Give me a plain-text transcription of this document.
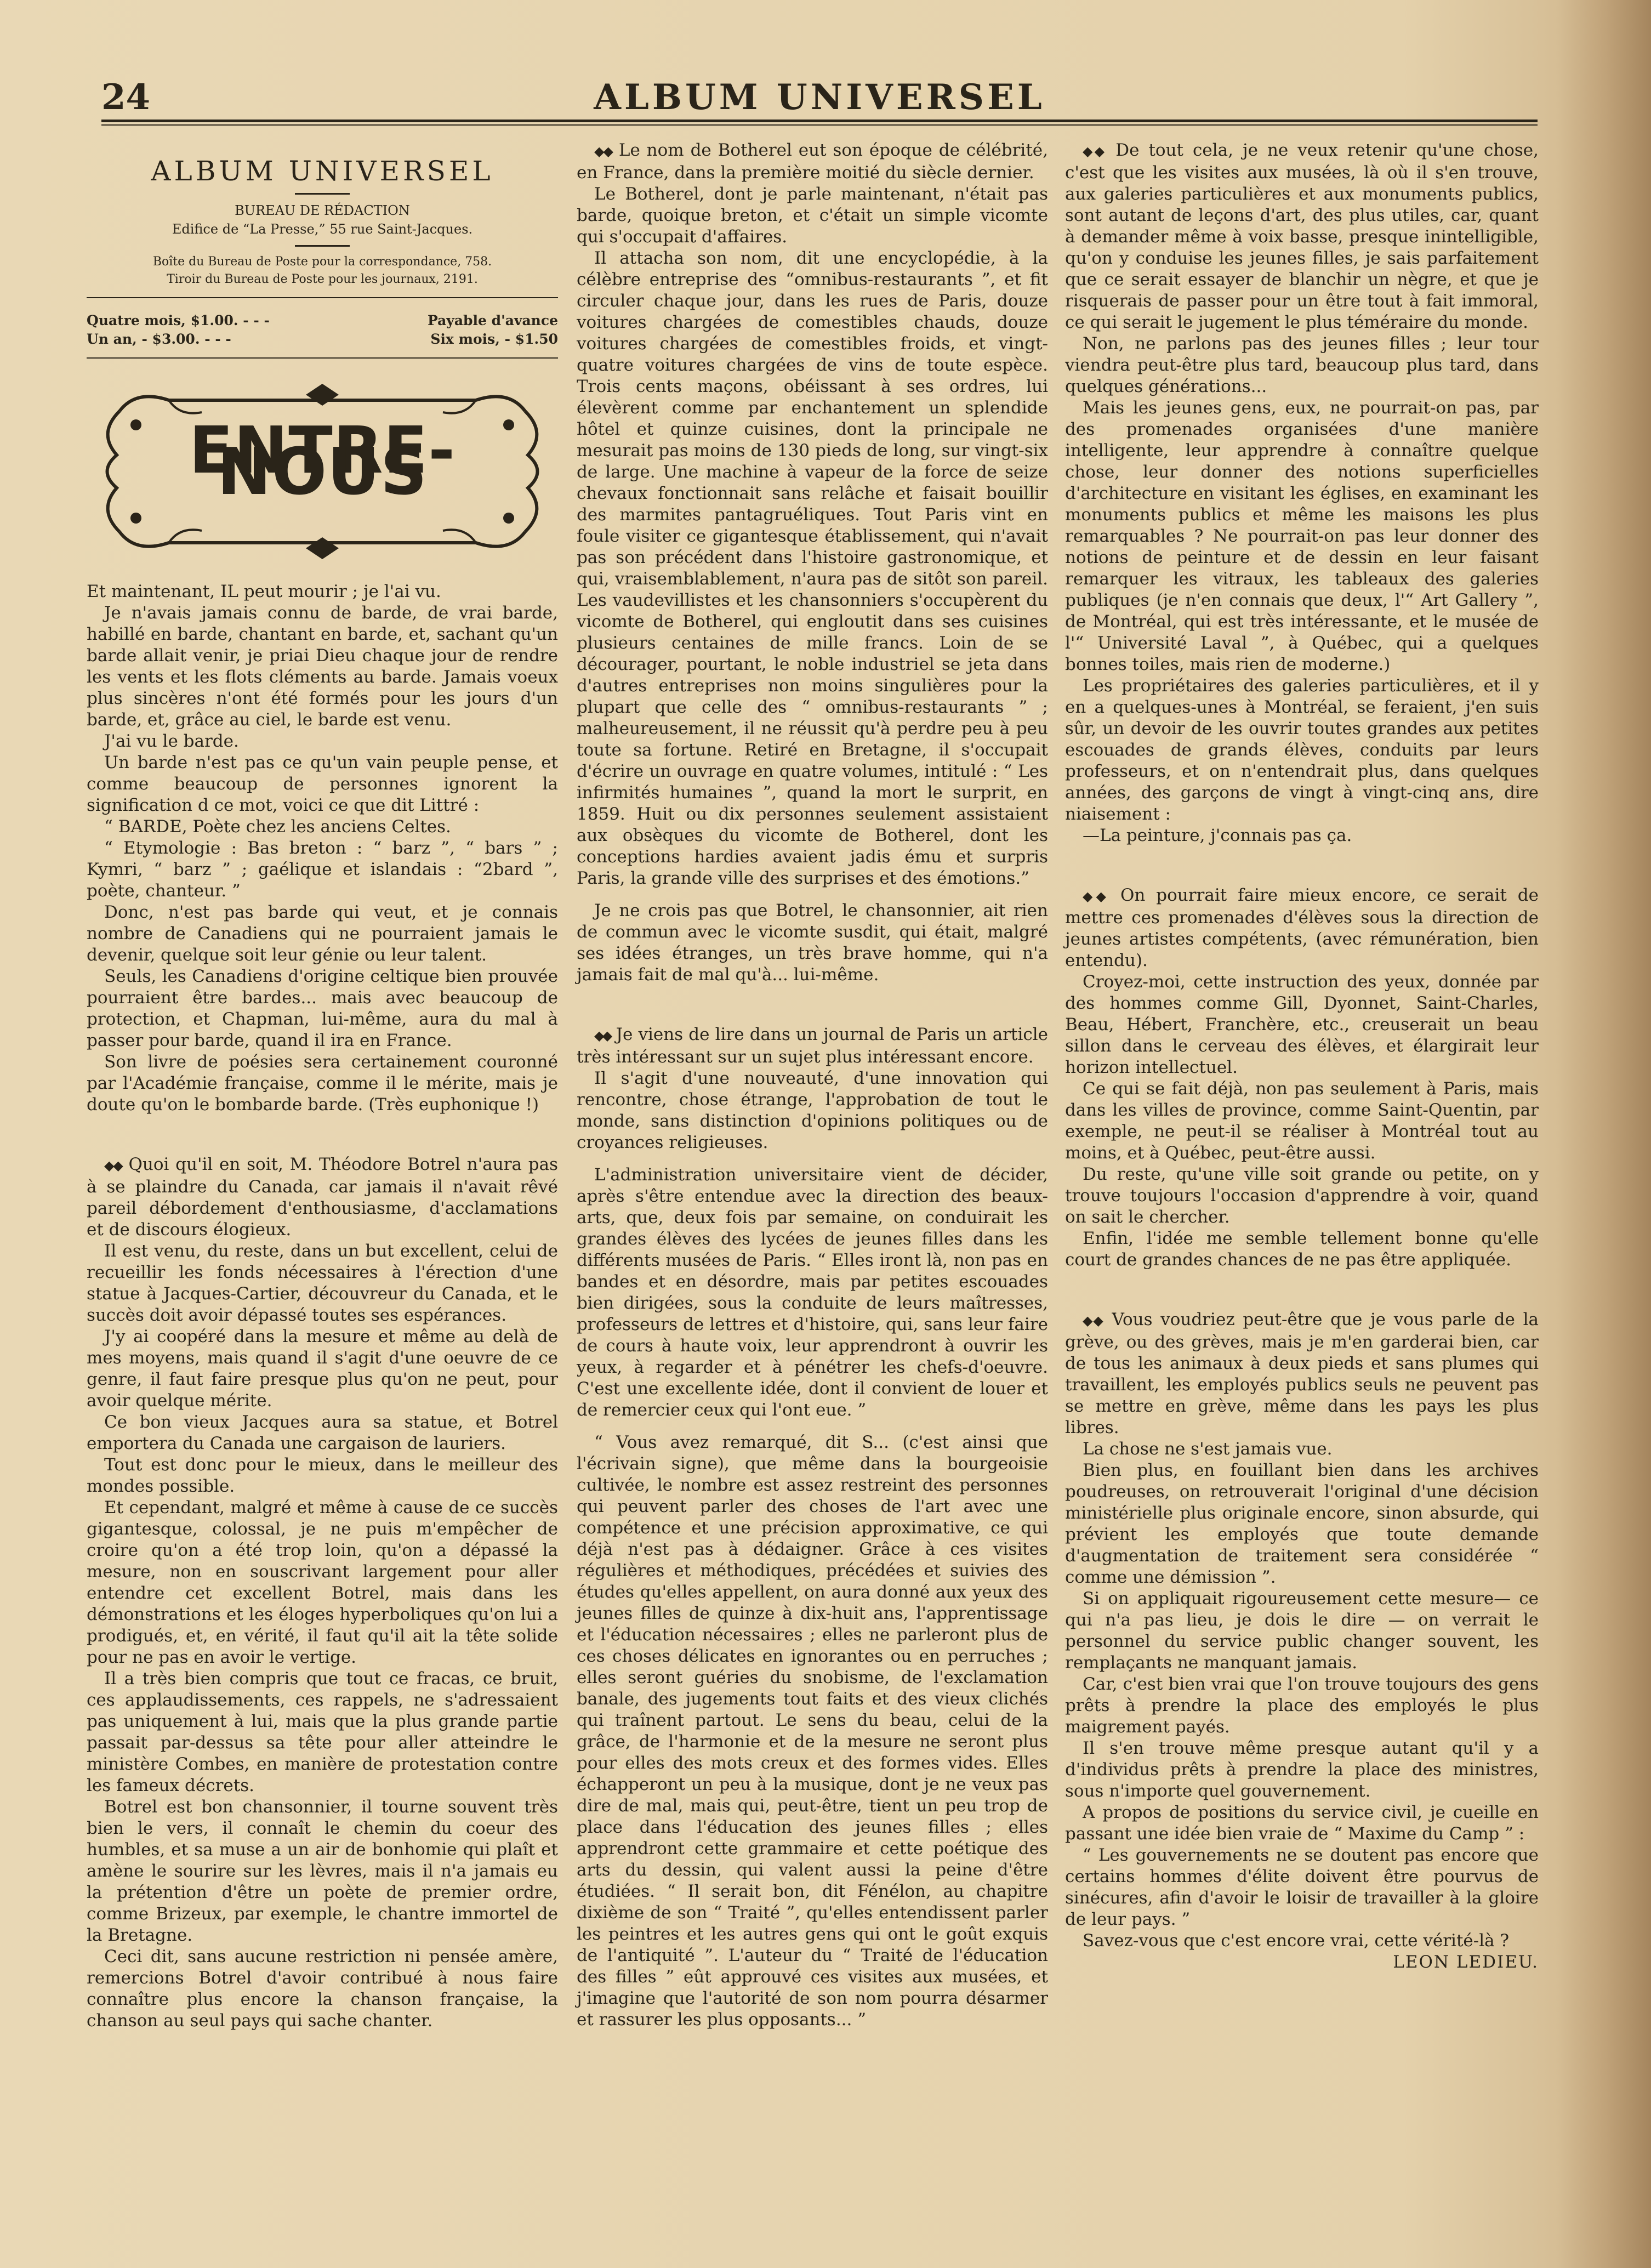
24	ALBUM UNIVERSEL
ALBUM UNIVERSEL
BUREAU DE RÉDACTION
Edifice de “La Presse,” 55 rue Saint-Jacques.
Boîte du Bureau de Poste pour la correspondance, 758.
Tiroir du Bureau de Poste pour les journaux, 2191.
Quatre mois, $1.00. - - -	Payable d'avance
Un an, - $3.00. - - -	Six mois, - $1.50
ENTRE-NOUS

Et maintenant, IL peut mourir ; je l'ai vu.

Je n'avais jamais connu de barde, de vrai barde, habillé en barde, chantant en barde, et, sachant qu'un barde allait venir, je priai Dieu chaque jour de rendre les vents et les flots cléments au barde. Jamais voeux plus sincères n'ont été formés pour les jours d'un barde, et, grâce au ciel, le barde est venu.

J'ai vu le barde.

Un barde n'est pas ce qu'un vain peuple pense, et comme beaucoup de personnes ignorent la signification d ce mot, voici ce que dit Littré :

“ BARDE, Poète chez les anciens Celtes.

“ Etymologie : Bas breton : “ barz ”, “ bars ” ; Kymri, “ barz ” ; gaélique et islandais : “2bard ”, poète, chanteur. ”

Donc, n'est pas barde qui veut, et je connais nombre de Canadiens qui ne pourraient jamais le devenir, quelque soit leur génie ou leur talent.

Seuls, les Canadiens d'origine celtique bien prouvée pourraient être bardes... mais avec beaucoup de protection, et Chapman, lui-même, aura du mal à passer pour barde, quand il ira en France.

Son livre de poésies sera certainement couronné par l'Académie française, comme il le mérite, mais je doute qu'on le bombarde barde. (Très euphonique !)

◆◆ Quoi qu'il en soit, M. Théodore Botrel n'aura pas à se plaindre du Canada, car jamais il n'avait rêvé pareil débordement d'enthousiasme, d'acclamations et de discours élogieux.

Il est venu, du reste, dans un but excellent, celui de recueillir les fonds nécessaires à l'érection d'une statue à Jacques-Cartier, découvreur du Canada, et le succès doit avoir dépassé toutes ses espérances.

J'y ai coopéré dans la mesure et même au delà de mes moyens, mais quand il s'agit d'une oeuvre de ce genre, il faut faire presque plus qu'on ne peut, pour avoir quelque mérite.

Ce bon vieux Jacques aura sa statue, et Botrel emportera du Canada une cargaison de lauriers.

Tout est donc pour le mieux, dans le meilleur des mondes possible.

Et cependant, malgré et même à cause de ce succès gigantesque, colossal, je ne puis m'empêcher de croire qu'on a été trop loin, qu'on a dépassé la mesure, non en souscrivant largement pour aller entendre cet excellent Botrel, mais dans les démonstrations et les éloges hyperboliques qu'on lui a prodigués, et, en vérité, il faut qu'il ait la tête solide pour ne pas en avoir le vertige.

Il a très bien compris que tout ce fracas, ce bruit, ces applaudissements, ces rappels, ne s'adressaient pas uniquement à lui, mais que la plus grande partie passait par-dessus sa tête pour aller atteindre le ministère Combes, en manière de protestation contre les fameux décrets.

Botrel est bon chansonnier, il tourne souvent très bien le vers, il connaît le chemin du coeur des humbles, et sa muse a un air de bonhomie qui plaît et amène le sourire sur les lèvres, mais il n'a jamais eu la prétention d'être un poète de premier ordre, comme Brizeux, par exemple, le chantre immortel de la Bretagne.

Ceci dit, sans aucune restriction ni pensée amère, remercions Botrel d'avoir contribué à nous faire connaître plus encore la chanson française, la chanson au seul pays qui sache chanter.

◆◆ Le nom de Botherel eut son époque de célébrité, en France, dans la première moitié du siècle dernier.

Le Botherel, dont je parle maintenant, n'était pas barde, quoique breton, et c'était un simple vicomte qui s'occupait d'affaires.

Il attacha son nom, dit une encyclopédie, à la célèbre entreprise des “omnibus-restaurants ”, et fit circuler chaque jour, dans les rues de Paris, douze voitures chargées de comestibles chauds, douze voitures chargées de comestibles froids, et vingt-quatre voitures chargées de vins de toute espèce. Trois cents maçons, obéissant à ses ordres, lui élevèrent comme par enchantement un splendide hôtel et quinze cuisines, dont la principale ne mesurait pas moins de 130 pieds de long, sur vingt-six de large. Une machine à vapeur de la force de seize chevaux fonctionnait sans relâche et faisait bouillir des marmites pantagruéliques. Tout Paris vint en foule visiter ce gigantesque établissement, qui n'avait pas son précédent dans l'histoire gastronomique, et qui, vraisemblablement, n'aura pas de sitôt son pareil. Les vaudevillistes et les chansonniers s'occupèrent du vicomte de Botherel, qui engloutit dans ses cuisines plusieurs centaines de mille francs. Loin de se décourager, pourtant, le noble industriel se jeta dans d'autres entreprises non moins singulières pour la plupart que celle des “ omnibus-restaurants ” ; malheureusement, il ne réussit qu'à perdre peu à peu toute sa fortune. Retiré en Bretagne, il s'occupait d'écrire un ouvrage en quatre volumes, intitulé : “ Les infirmités humaines ”, quand la mort le surprit, en 1859. Huit ou dix personnes seulement assistaient aux obsèques du vicomte de Botherel, dont les conceptions hardies avaient jadis ému et surpris Paris, la grande ville des surprises et des émotions.”

Je ne crois pas que Botrel, le chansonnier, ait rien de commun avec le vicomte susdit, qui était, malgré ses idées étranges, un très brave homme, qui n'a jamais fait de mal qu'à... lui-même.

◆◆ Je viens de lire dans un journal de Paris un article très intéressant sur un sujet plus intéressant encore.

Il s'agit d'une nouveauté, d'une innovation qui rencontre, chose étrange, l'approbation de tout le monde, sans distinction d'opinions politiques ou de croyances religieuses.

L'administration universitaire vient de décider, après s'être entendue avec la direction des beaux-arts, que, deux fois par semaine, on conduirait les grandes élèves des lycées de jeunes filles dans les différents musées de Paris. “ Elles iront là, non pas en bandes et en désordre, mais par petites escouades bien dirigées, sous la conduite de leurs maîtresses, professeurs de lettres et d'histoire, qui, sans leur faire de cours à haute voix, leur apprendront à ouvrir les yeux, à regarder et à pénétrer les chefs-d'oeuvre. C'est une excellente idée, dont il convient de louer et de remercier ceux qui l'ont eue. ”

“ Vous avez remarqué, dit S... (c'est ainsi que l'écrivain signe), que même dans la bourgeoisie cultivée, le nombre est assez restreint des personnes qui peuvent parler des choses de l'art avec une compétence et une précision approximative, ce qui déjà n'est pas à dédaigner. Grâce à ces visites régulières et méthodiques, précédées et suivies des études qu'elles appellent, on aura donné aux yeux des jeunes filles de quinze à dix-huit ans, l'apprentissage et l'éducation nécessaires ; elles ne parleront plus de ces choses délicates en ignorantes ou en perruches ; elles seront guéries du snobisme, de l'exclamation banale, des jugements tout faits et des vieux clichés qui traînent partout. Le sens du beau, celui de la grâce, de l'harmonie et de la mesure ne seront plus pour elles des mots creux et des formes vides. Elles échapperont un peu à la musique, dont je ne veux pas dire de mal, mais qui, peut-être, tient un peu trop de place dans l'éducation des jeunes filles ; elles apprendront cette grammaire et cette poétique des arts du dessin, qui valent aussi la peine d'être étudiées. “ Il serait bon, dit Fénélon, au chapitre dixième de son “ Traité ”, qu'elles entendissent parler les peintres et les autres gens qui ont le goût exquis de l'antiquité ”. L'auteur du “ Traité de l'éducation des filles ” eût approuvé ces visites aux musées, et j'imagine que l'autorité de son nom pourra désarmer et rassurer les plus opposants... ”

◆◆ De tout cela, je ne veux retenir qu'une chose, c'est que les visites aux musées, là où il s'en trouve, aux galeries particulières et aux monuments publics, sont autant de leçons d'art, des plus utiles, car, quant à demander même à voix basse, presque inintelligible, qu'on y conduise les jeunes filles, je sais parfaitement que ce serait essayer de blanchir un nègre, et que je risquerais de passer pour un être tout à fait immoral, ce qui serait le jugement le plus téméraire du monde.

Non, ne parlons pas des jeunes filles ; leur tour viendra peut-être plus tard, beaucoup plus tard, dans quelques générations...

Mais les jeunes gens, eux, ne pourrait-on pas, par des promenades organisées d'une manière intelligente, leur apprendre à connaître quelque chose, leur donner des notions superficielles d'architecture en visitant les églises, en examinant les monuments publics et même les maisons les plus remarquables ? Ne pourrait-on pas leur donner des notions de peinture et de dessin en leur faisant remarquer les vitraux, les tableaux des galeries publiques (je n'en connais que deux, l'“ Art Gallery ”, de Montréal, qui est très intéressante, et le musée de l'“ Université Laval ”, à Québec, qui a quelques bonnes toiles, mais rien de moderne.)

Les propriétaires des galeries particulières, et il y en a quelques-unes à Montréal, se feraient, j'en suis sûr, un devoir de les ouvrir toutes grandes aux petites escouades de grands élèves, conduits par leurs professeurs, et on n'entendrait plus, dans quelques années, des garçons de vingt à vingt-cinq ans, dire niaisement :

—La peinture, j'connais pas ça.

◆◆ On pourrait faire mieux encore, ce serait de mettre ces promenades d'élèves sous la direction de jeunes artistes compétents, (avec rémunération, bien entendu).

Croyez-moi, cette instruction des yeux, donnée par des hommes comme Gill, Dyonnet, Saint-Charles, Beau, Hébert, Franchère, etc., creuserait un beau sillon dans le cerveau des élèves, et élargirait leur horizon intellectuel.

Ce qui se fait déjà, non pas seulement à Paris, mais dans les villes de province, comme Saint-Quentin, par exemple, ne peut-il se réaliser à Montréal tout au moins, et à Québec, peut-être aussi.

Du reste, qu'une ville soit grande ou petite, on y trouve toujours l'occasion d'apprendre à voir, quand on sait le chercher.

Enfin, l'idée me semble tellement bonne qu'elle court de grandes chances de ne pas être appliquée.

◆◆ Vous voudriez peut-être que je vous parle de la grève, ou des grèves, mais je m'en garderai bien, car de tous les animaux à deux pieds et sans plumes qui travaillent, les employés publics seuls ne peuvent pas se mettre en grève, même dans les pays les plus libres.

La chose ne s'est jamais vue.

Bien plus, en fouillant bien dans les archives poudreuses, on retrouverait l'original d'une décision ministérielle plus originale encore, sinon absurde, qui prévient les employés que toute demande d'augmentation de traitement sera considérée “ comme une démission ”.

Si on appliquait rigoureusement cette mesure— ce qui n'a pas lieu, je dois le dire — on verrait le personnel du service public changer souvent, les remplaçants ne manquant jamais.

Car, c'est bien vrai que l'on trouve toujours des gens prêts à prendre la place des employés le plus maigrement payés.

Il s'en trouve même presque autant qu'il y a d'individus prêts à prendre la place des ministres, sous n'importe quel gouvernement.

A propos de positions du service civil, je cueille en passant une idée bien vraie de “ Maxime du Camp ” :

“ Les gouvernements ne se doutent pas encore que certains hommes d'élite doivent être pourvus de sinécures, afin d'avoir le loisir de travailler à la gloire de leur pays. ”

Savez-vous que c'est encore vrai, cette vérité-là ?

LEON LEDIEU.
